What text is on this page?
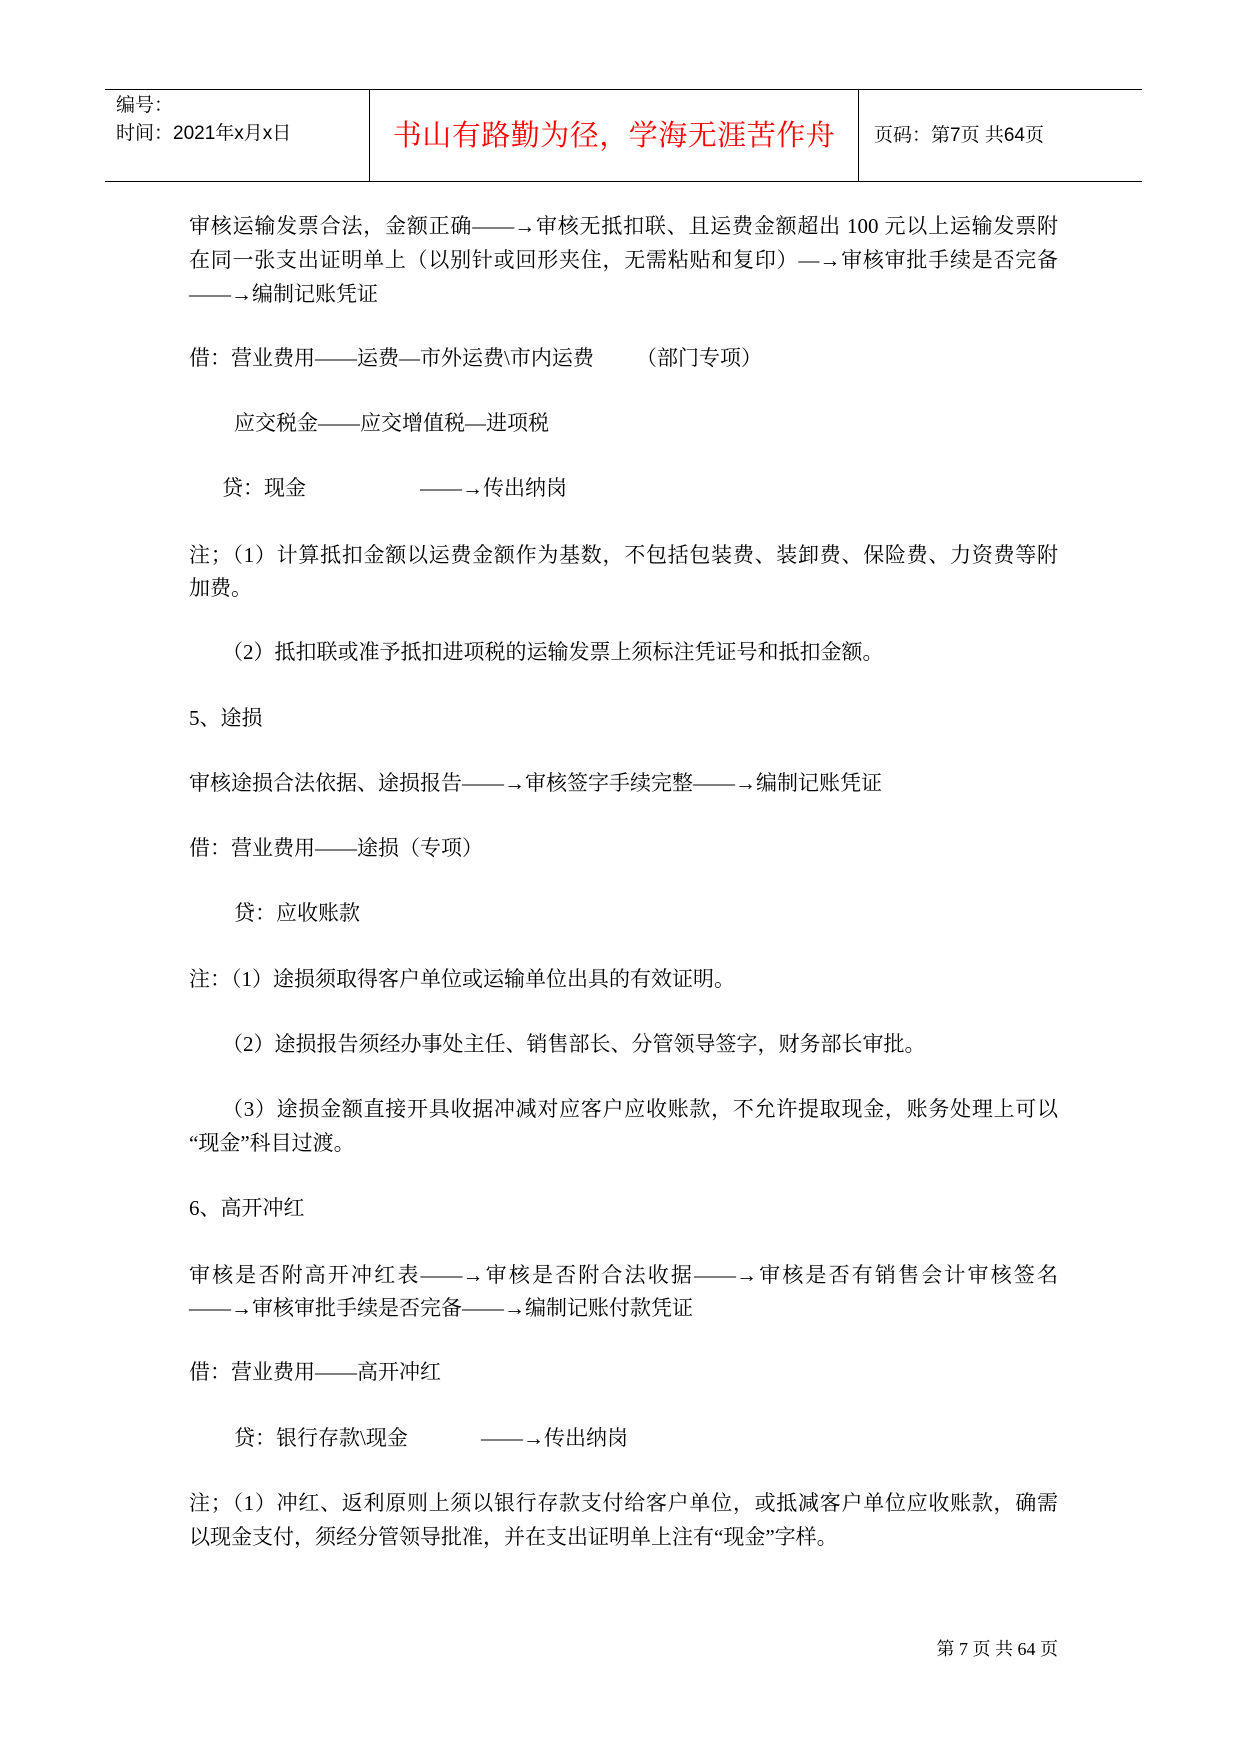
编号：
时间：2021年x月x日	书山有路勤为径，学海无涯苦作舟 页码：第7页 共64页
审核运输发票合法，金额正确——→审核无抵扣联、且运费金额超出 100 元以上运输发票附
在同一张支出证明单上（以别针或回形夹住，无需粘贴和复印）—→审核审批手续是否完备
——→编制记账凭证
借：营业费用——运费—市外运费\市内运费 （部门专项）
应交税金——应交增值税—进项税
贷：现金	——→传出纳岗
注；（1）计算抵扣金额以运费金额作为基数，不包括包装费、装卸费、保险费、力资费等附
加费。
（2）抵扣联或准予抵扣进项税的运输发票上须标注凭证号和抵扣金额。
5、途损
审核途损合法依据、途损报告——→审核签字手续完整——→编制记账凭证
借：营业费用——途损（专项）
贷：应收账款
注：（1）途损须取得客户单位或运输单位出具的有效证明。
（2）途损报告须经办事处主任、销售部长、分管领导签字，财务部长审批。
（3）途损金额直接开具收据冲减对应客户应收账款，不允许提取现金，账务处理上可以
“现金”科目过渡。
6、高开冲红
审核是否附高开冲红表——→审核是否附合法收据——→审核是否有销售会计审核签名
——→审核审批手续是否完备——→编制记账付款凭证
借：营业费用——高开冲红
贷：银行存款\现金	——→传出纳岗
注；（1）冲红、返利原则上须以银行存款支付给客户单位，或抵减客户单位应收账款，确需
以现金支付，须经分管领导批准，并在支出证明单上注有“现金”字样。
第 7 页 共 64 页
